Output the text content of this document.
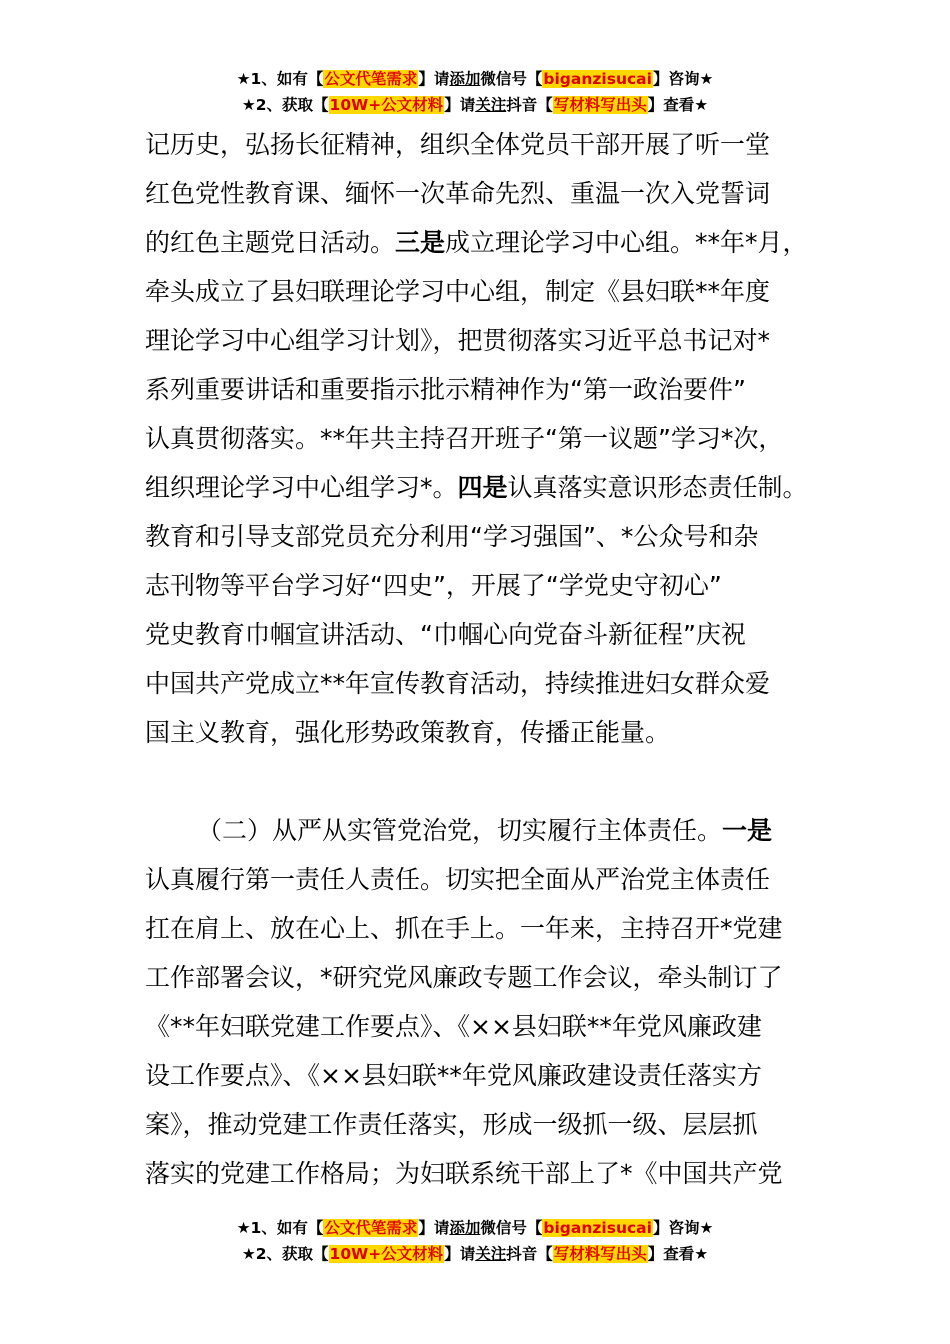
★1、如有【公文代笔需求】请添加微信号【biganzisucai】咨询★
★2、获取【10W+公文材料】请关注抖音【写材料写出头】查看★

记历史，弘扬长征精神，组织全体党员干部开展了听一堂
红色党性教育课、缅怀一次革命先烈、重温一次入党誓词
的红色主题党日活动。三是成立理论学习中心组。**年*月，
牵头成立了县妇联理论学习中心组，制定《县妇联**年度
理论学习中心组学习计划》，把贯彻落实习近平总书记对*
系列重要讲话和重要指示批示精神作为“第一政治要件”
认真贯彻落实。**年共主持召开班子“第一议题”学习*次，
组织理论学习中心组学习*。四是认真落实意识形态责任制。
教育和引导支部党员充分利用“学习强国”、*公众号和杂
志刊物等平台学习好“四史”，开展了“学党史守初心”
党史教育巾帼宣讲活动、“巾帼心向党奋斗新征程”庆祝
中国共产党成立**年宣传教育活动，持续推进妇女群众爱
国主义教育，强化形势政策教育，传播正能量。

（二）从严从实管党治党，切实履行主体责任。一是
认真履行第一责任人责任。切实把全面从严治党主体责任
扛在肩上、放在心上、抓在手上。一年来，主持召开*党建
工作部署会议，*研究党风廉政专题工作会议，牵头制订了
《**年妇联党建工作要点》、《××县妇联**年党风廉政建
设工作要点》、《××县妇联**年党风廉政建设责任落实方
案》，推动党建工作责任落实，形成一级抓一级、层层抓
落实的党建工作格局；为妇联系统干部上了*《中国共产党

★1、如有【公文代笔需求】请添加微信号【biganzisucai】咨询★
★2、获取【10W+公文材料】请关注抖音【写材料写出头】查看★
